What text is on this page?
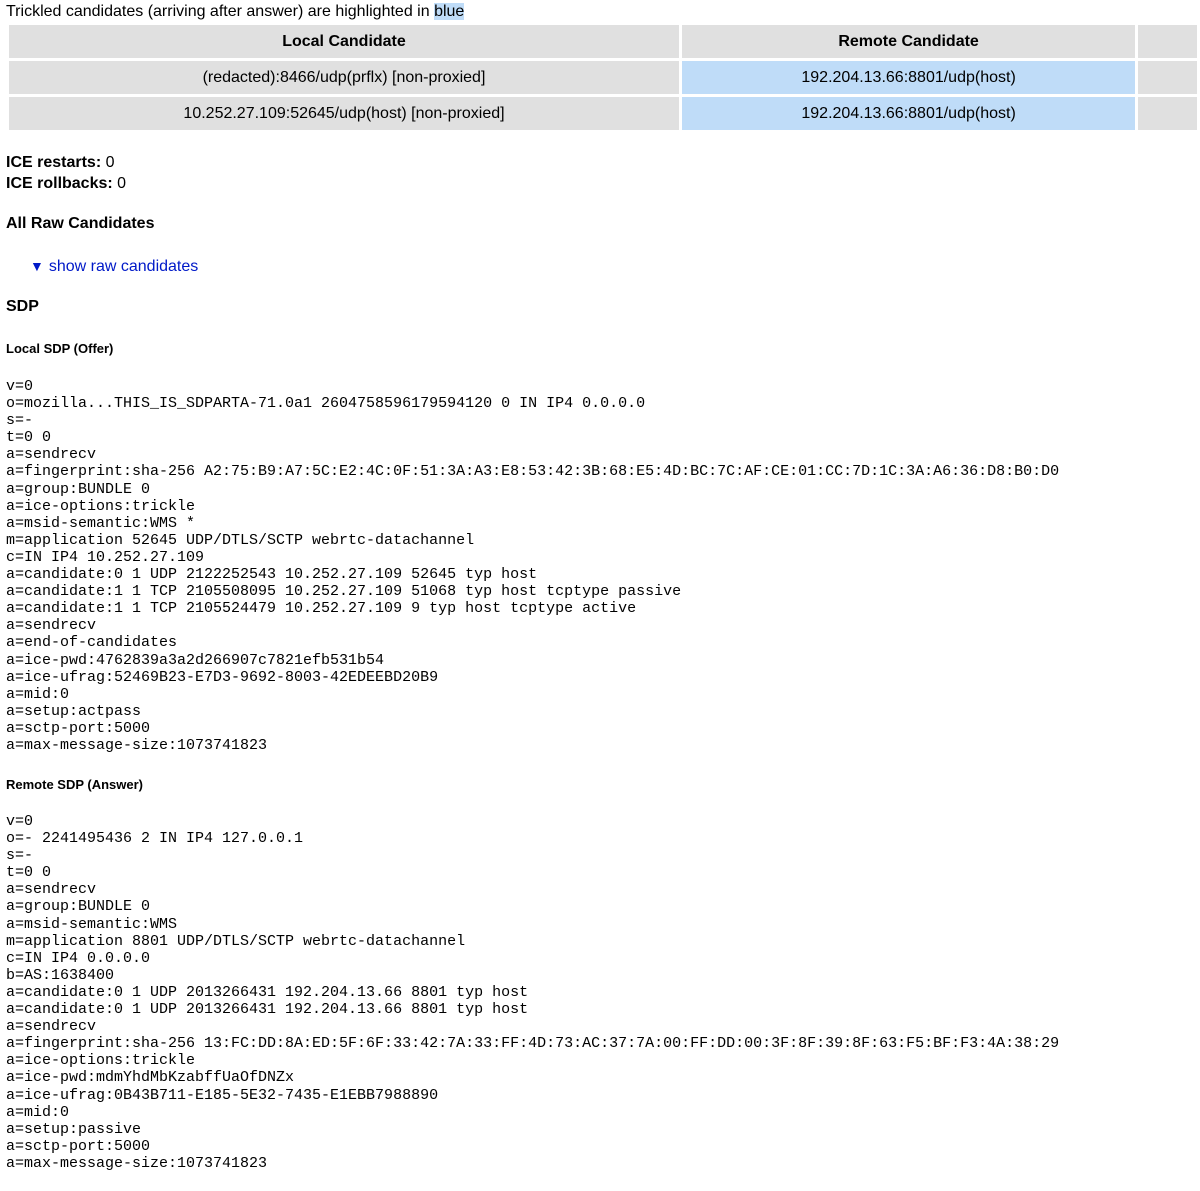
Trickled candidates (arriving after answer) are highlighted in blue
Local Candidate	Remote Candidate	
(redacted):8466/udp(prflx) [non-proxied]	192.204.13.66:8801/udp(host)	
10.252.27.109:52645/udp(host) [non-proxied]	192.204.13.66:8801/udp(host)	
ICE restarts: 0
ICE rollbacks: 0
All Raw Candidates
▼ show raw candidates
SDP
Local SDP (Offer)
v=0
o=mozilla...THIS_IS_SDPARTA-71.0a1 2604758596179594120 0 IN IP4 0.0.0.0
s=-
t=0 0
a=sendrecv
a=fingerprint:sha-256 A2:75:B9:A7:5C:E2:4C:0F:51:3A:A3:E8:53:42:3B:68:E5:4D:BC:7C:AF:CE:01:CC:7D:1C:3A:A6:36:D8:B0:D0
a=group:BUNDLE 0
a=ice-options:trickle
a=msid-semantic:WMS *
m=application 52645 UDP/DTLS/SCTP webrtc-datachannel
c=IN IP4 10.252.27.109
a=candidate:0 1 UDP 2122252543 10.252.27.109 52645 typ host
a=candidate:1 1 TCP 2105508095 10.252.27.109 51068 typ host tcptype passive
a=candidate:1 1 TCP 2105524479 10.252.27.109 9 typ host tcptype active
a=sendrecv
a=end-of-candidates
a=ice-pwd:4762839a3a2d266907c7821efb531b54
a=ice-ufrag:52469B23-E7D3-9692-8003-42EDEEBD20B9
a=mid:0
a=setup:actpass
a=sctp-port:5000
a=max-message-size:1073741823
Remote SDP (Answer)
v=0
o=- 2241495436 2 IN IP4 127.0.0.1
s=-
t=0 0
a=sendrecv
a=group:BUNDLE 0
a=msid-semantic:WMS
m=application 8801 UDP/DTLS/SCTP webrtc-datachannel
c=IN IP4 0.0.0.0
b=AS:1638400
a=candidate:0 1 UDP 2013266431 192.204.13.66 8801 typ host
a=candidate:0 1 UDP 2013266431 192.204.13.66 8801 typ host
a=sendrecv
a=fingerprint:sha-256 13:FC:DD:8A:ED:5F:6F:33:42:7A:33:FF:4D:73:AC:37:7A:00:FF:DD:00:3F:8F:39:8F:63:F5:BF:F3:4A:38:29
a=ice-options:trickle
a=ice-pwd:mdmYhdMbKzabffUaOfDNZx
a=ice-ufrag:0B43B711-E185-5E32-7435-E1EBB7988890
a=mid:0
a=setup:passive
a=sctp-port:5000
a=max-message-size:1073741823
